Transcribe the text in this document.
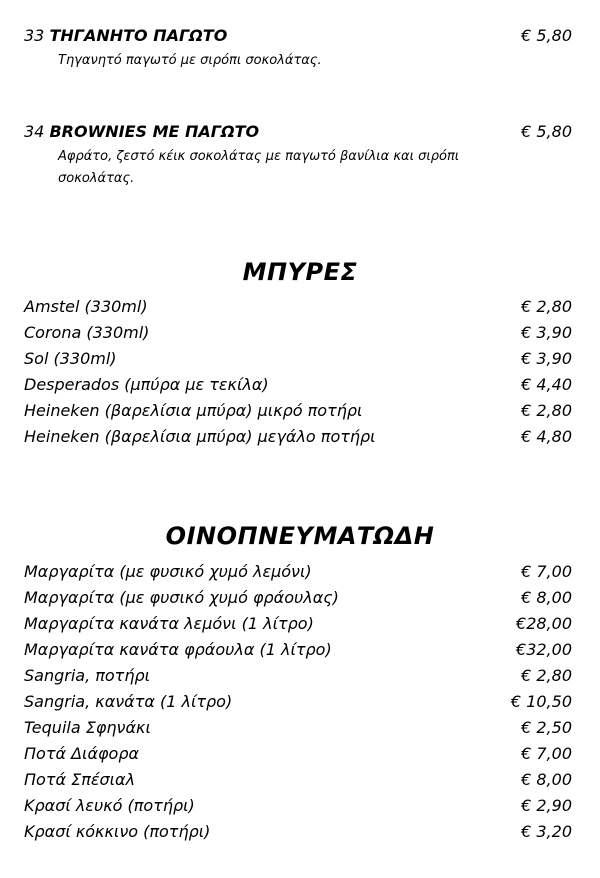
33 ΤΗΓΑΝΗΤΟ ΠΑΓΩΤΟ	€ 5,80
Τηγανητό παγωτό με σιρόπι σοκολάτας.
34 BROWNIES ΜΕ ΠΑΓΩΤΟ	€ 5,80
Αφράτο, ζεστό κέικ σοκολάτας με παγωτό βανίλια και σιρόπι σοκολάτας.
ΜΠΥΡΕΣ
Amstel (330ml)	€ 2,80
Corona (330ml)	€ 3,90
Sol (330ml)	€ 3,90
Desperados (μπύρα με τεκίλα)	€ 4,40
Heineken (βαρελίσια μπύρα) μικρό ποτήρι	€ 2,80
Heineken (βαρελίσια μπύρα) μεγάλο ποτήρι	€ 4,80
ΟΙΝΟΠΝΕΥΜΑΤΩΔΗ
Μαργαρίτα (με φυσικό χυμό λεμόνι)	€ 7,00
Μαργαρίτα (με φυσικό χυμό φράουλας)	€ 8,00
Μαργαρίτα κανάτα λεμόνι (1 λίτρο)	€28,00
Μαργαρίτα κανάτα φράουλα (1 λίτρο)	€32,00
Sangria, ποτήρι	€ 2,80
Sangria, κανάτα (1 λίτρο)	€ 10,50
Tequila Σφηνάκι	€ 2,50
Ποτά Διάφορα	€ 7,00
Ποτά Σπέσιαλ	€ 8,00
Κρασί λευκό (ποτήρι)	€ 2,90
Κρασί κόκκινο (ποτήρι)	€ 3,20
